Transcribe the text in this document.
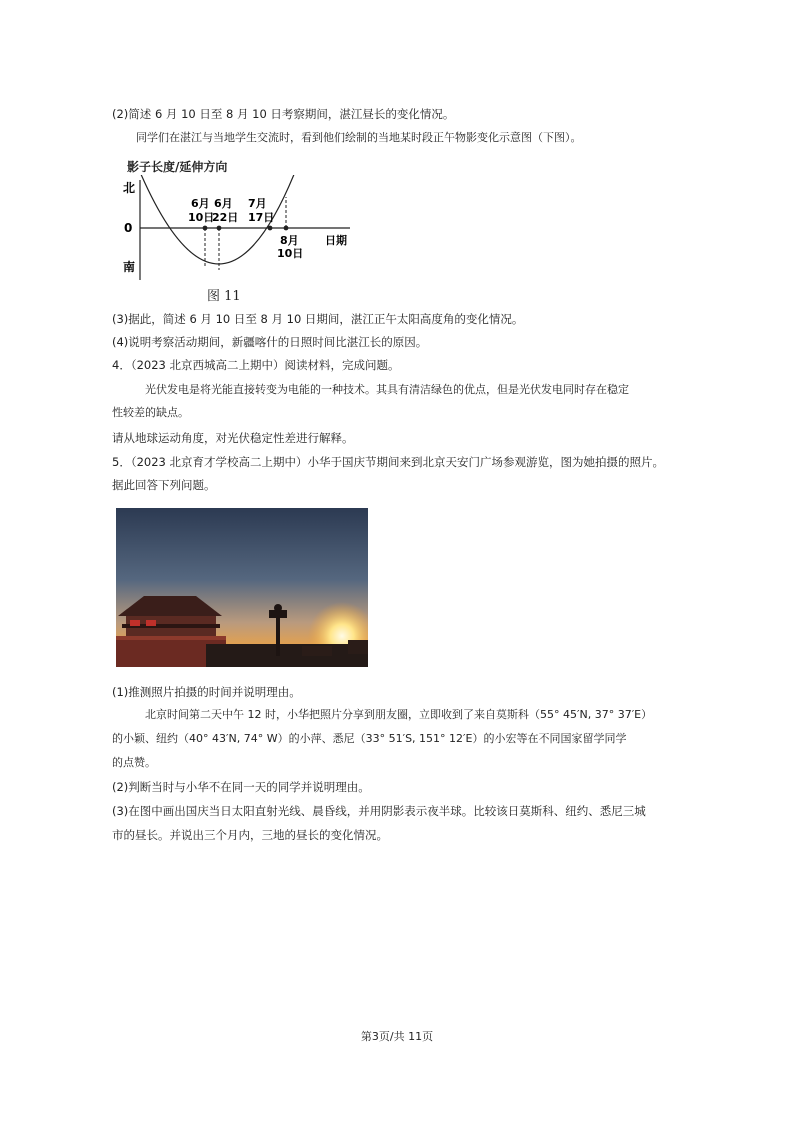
(2)简述 6 月 10 日至 8 月 10 日考察期间，湛江昼长的变化情况。
同学们在湛江与当地学生交流时，看到他们绘制的当地某时段正午物影变化示意图（下图）。
影子长度/延伸方向
北
0
南
日期
6月
10日
6月
22日
7月
17日
8月
10日
图 11
(3)据此，简述 6 月 10 日至 8 月 10 日期间，湛江正午太阳高度角的变化情况。
(4)说明考察活动期间，新疆喀什的日照时间比湛江长的原因。
4．（2023 北京西城高二上期中）阅读材料，完成问题。
光伏发电是将光能直接转变为电能的一种技术。其具有清洁绿色的优点，但是光伏发电同时存在稳定
性较差的缺点。
请从地球运动角度，对光伏稳定性差进行解释。
5．（2023 北京育才学校高二上期中）小华于国庆节期间来到北京天安门广场参观游览，图为她拍摄的照片。
据此回答下列问题。
(1)推测照片拍摄的时间并说明理由。
北京时间第二天中午 12 时，小华把照片分享到朋友圈，立即收到了来自莫斯科（55° 45′N, 37° 37′E）
的小颖、纽约（40° 43′N, 74° W）的小萍、悉尼（33° 51′S, 151° 12′E）的小宏等在不同国家留学同学
的点赞。
(2)判断当时与小华不在同一天的同学并说明理由。
(3)在图中画出国庆当日太阳直射光线、晨昏线，并用阴影表示夜半球。比较该日莫斯科、纽约、悉尼三城
市的昼长。并说出三个月内，三地的昼长的变化情况。
第3页/共 11页
